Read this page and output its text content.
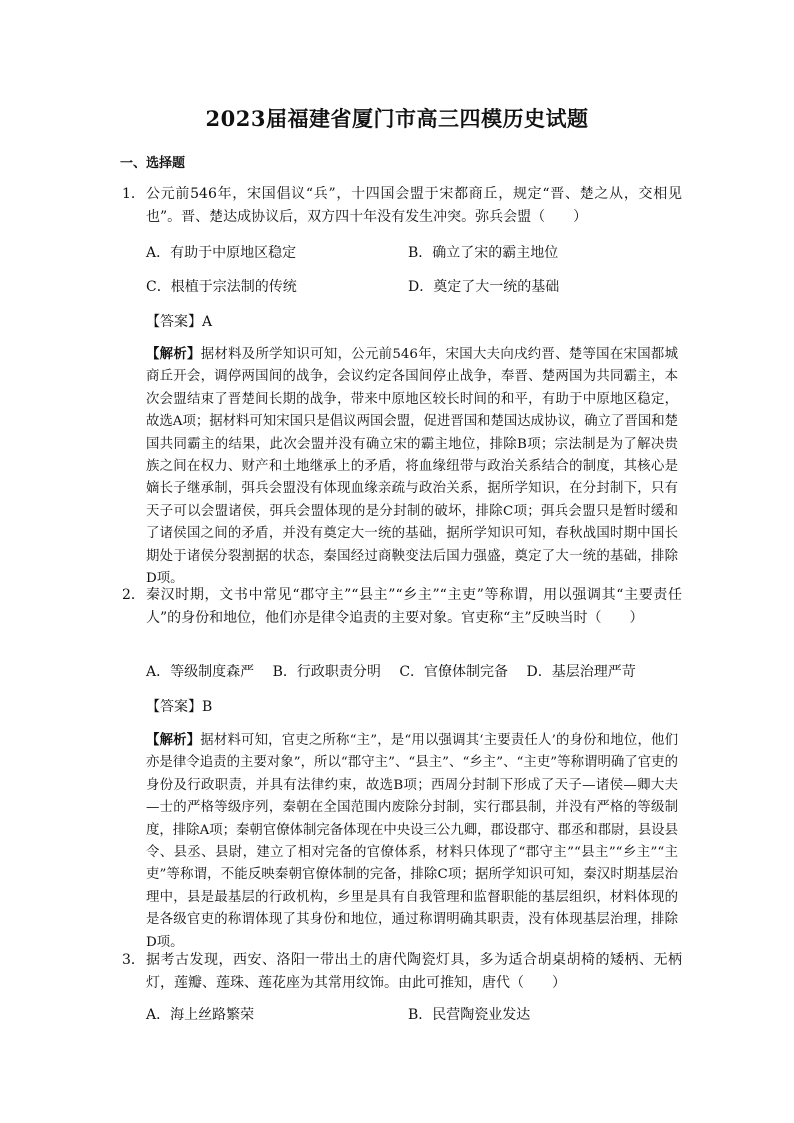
2023届福建省厦门市高三四模历史试题
一、选择题
1． 公元前546年，宋国倡议“兵”，十四国会盟于宋都商丘，规定“晋、楚之从，交相见也”。晋、楚达成协议后，双方四十年没有发生冲突。弥兵会盟（　　）
A．有助于中原地区稳定	B．确立了宋的霸主地位
C．根植于宗法制的传统	D．奠定了大一统的基础
【答案】A
【解析】据材料及所学知识可知，公元前546年，宋国大夫向戌约晋、楚等国在宋国都城商丘开会，调停两国间的战争，会议约定各国间停止战争，奉晋、楚两国为共同霸主，本次会盟结束了晋楚间长期的战争，带来中原地区较长时间的和平，有助于中原地区稳定，故选A项；据材料可知宋国只是倡议两国会盟，促进晋国和楚国达成协议，确立了晋国和楚国共同霸主的结果，此次会盟并没有确立宋的霸主地位，排除B项；宗法制是为了解决贵族之间在权力、财产和土地继承上的矛盾，将血缘纽带与政治关系结合的制度，其核心是嫡长子继承制，弭兵会盟没有体现血缘亲疏与政治关系，据所学知识，在分封制下，只有天子可以会盟诸侯，弭兵会盟体现的是分封制的破坏，排除C项；弭兵会盟只是暂时缓和了诸侯国之间的矛盾，并没有奠定大一统的基础，据所学知识可知，春秋战国时期中国长期处于诸侯分裂割据的状态，秦国经过商鞅变法后国力强盛，奠定了大一统的基础，排除D项。
2． 秦汉时期，文书中常见“郡守主”“县主”“乡主”“主吏”等称谓，用以强调其“主要责任人”的身份和地位，他们亦是律令追责的主要对象。官吏称“主”反映当时（　　）
A．等级制度森严 B．行政职责分明 C．官僚体制完备 D．基层治理严苛
【答案】B
【解析】据材料可知，官吏之所称“主”，是“用以强调其‘主要责任人’的身份和地位，他们亦是律令追责的主要对象”，所以“郡守主”、“县主”、“乡主”、“主吏”等称谓明确了官吏的身份及行政职责，并具有法律约束，故选B项；西周分封制下形成了天子—诸侯—卿大夫—士的严格等级序列，秦朝在全国范围内废除分封制，实行郡县制，并没有严格的等级制度，排除A项；秦朝官僚体制完备体现在中央设三公九卿，郡设郡守、郡丞和郡尉，县设县令、县丞、县尉，建立了相对完备的官僚体系，材料只体现了“郡守主”“县主”“乡主”“主吏”等称谓，不能反映秦朝官僚体制的完备，排除C项；据所学知识可知，秦汉时期基层治理中，县是最基层的行政机构，乡里是具有自我管理和监督职能的基层组织，材料体现的是各级官吏的称谓体现了其身份和地位，通过称谓明确其职责，没有体现基层治理，排除D项。
3． 据考古发现，西安、洛阳一带出土的唐代陶瓷灯具，多为适合胡桌胡椅的矮柄、无柄灯，莲瓣、莲珠、莲花座为其常用纹饰。由此可推知，唐代（　　）
A．海上丝路繁荣	B．民营陶瓷业发达
